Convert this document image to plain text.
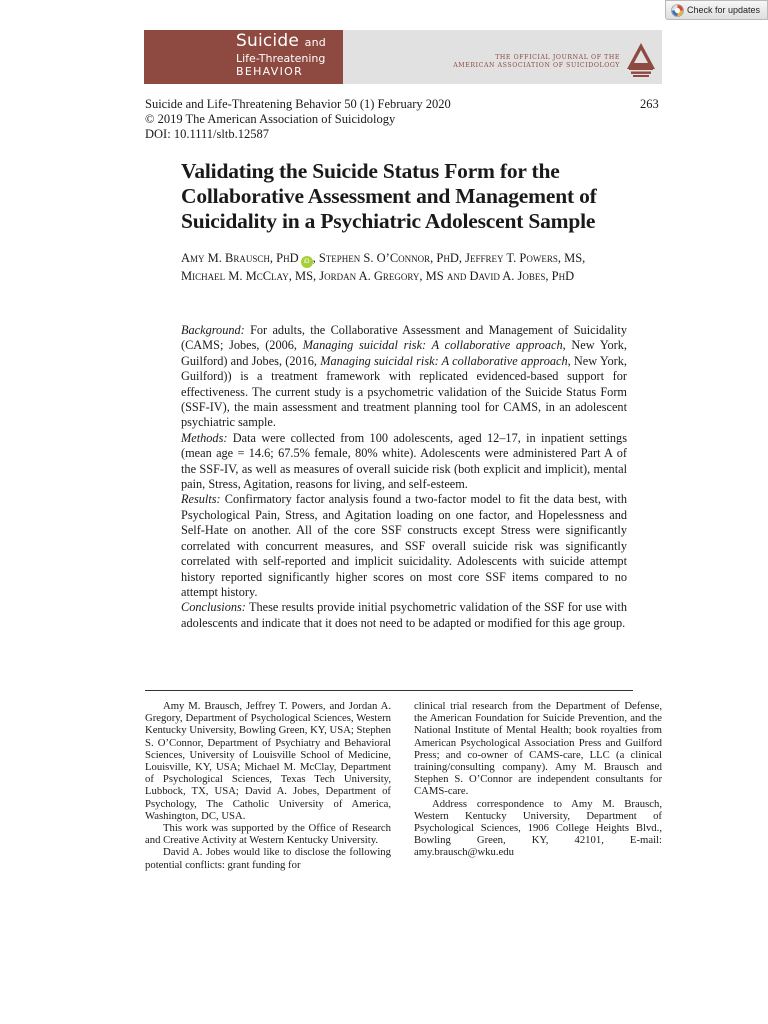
Check for updates
Suicide and
Life-Threatening
BEHAVIOR
THE OFFICIAL JOURNAL OF THE
AMERICAN ASSOCIATION OF SUICIDOLOGY
Suicide and Life-Threatening Behavior 50 (1) February 2020
© 2019 The American Association of Suicidology
DOI: 10.1111/sltb.12587
263
Validating the Suicide Status Form for the Collaborative Assessment and Management of Suicidality in a Psychiatric Adolescent Sample
Amy M. Brausch, PhD iD , Stephen S. O’Connor, PhD, Jeffrey T. Powers, MS,
Michael M. McClay, MS, Jordan A. Gregory, MS and David A. Jobes, PhD

Background: For adults, the Collaborative Assessment and Management of Suicidality (CAMS; Jobes, (2006, Managing suicidal risk: A collaborative approach, New York, Guilford) and Jobes, (2016, Managing suicidal risk: A collaborative approach, New York, Guilford)) is a treatment framework with replicated evidenced-based support for effectiveness. The current study is a psychometric validation of the Suicide Status Form (SSF-IV), the main assessment and treatment planning tool for CAMS, in an adolescent psychiatric sample.

Methods: Data were collected from 100 adolescents, aged 12–17, in inpatient settings (mean age = 14.6; 67.5% female, 80% white). Adolescents were administered Part A of the SSF-IV, as well as measures of overall suicide risk (both explicit and implicit), mental pain, Stress, Agitation, reasons for living, and self-esteem.

Results: Confirmatory factor analysis found a two-factor model to fit the data best, with Psychological Pain, Stress, and Agitation loading on one factor, and Hopelessness and Self-Hate on another. All of the core SSF constructs except Stress were significantly correlated with concurrent measures, and SSF overall suicide risk was significantly correlated with self-reported and implicit suicidality. Adolescents with suicide attempt history reported significantly higher scores on most core SSF items compared to no attempt history.

Conclusions: These results provide initial psychometric validation of the SSF for use with adolescents and indicate that it does not need to be adapted or modified for this age group.

Amy M. Brausch, Jeffrey T. Powers, and Jordan A. Gregory, Department of Psychological Sciences, Western Kentucky University, Bowling Green, KY, USA; Stephen S. O’Connor, Department of Psychiatry and Behavioral Sciences, University of Louisville School of Medicine, Louisville, KY, USA; Michael M. McClay, Department of Psychological Sciences, Texas Tech University, Lubbock, TX, USA; David A. Jobes, Department of Psychology, The Catholic University of America, Washington, DC, USA.

This work was supported by the Office of Research and Creative Activity at Western Kentucky University.

David A. Jobes would like to disclose the following potential conflicts: grant funding for

clinical trial research from the Department of Defense, the American Foundation for Suicide Prevention, and the National Institute of Mental Health; book royalties from American Psychological Association Press and Guilford Press; and co-owner of CAMS-care, LLC (a clinical training/consulting company). Amy M. Brausch and Stephen S. O’Connor are independent consultants for CAMS-care.

Address correspondence to Amy M. Brausch, Western Kentucky University, Department of Psychological Sciences, 1906 College Heights Blvd., Bowling Green, KY, 42101, E-mail: amy.brausch@wku.edu
